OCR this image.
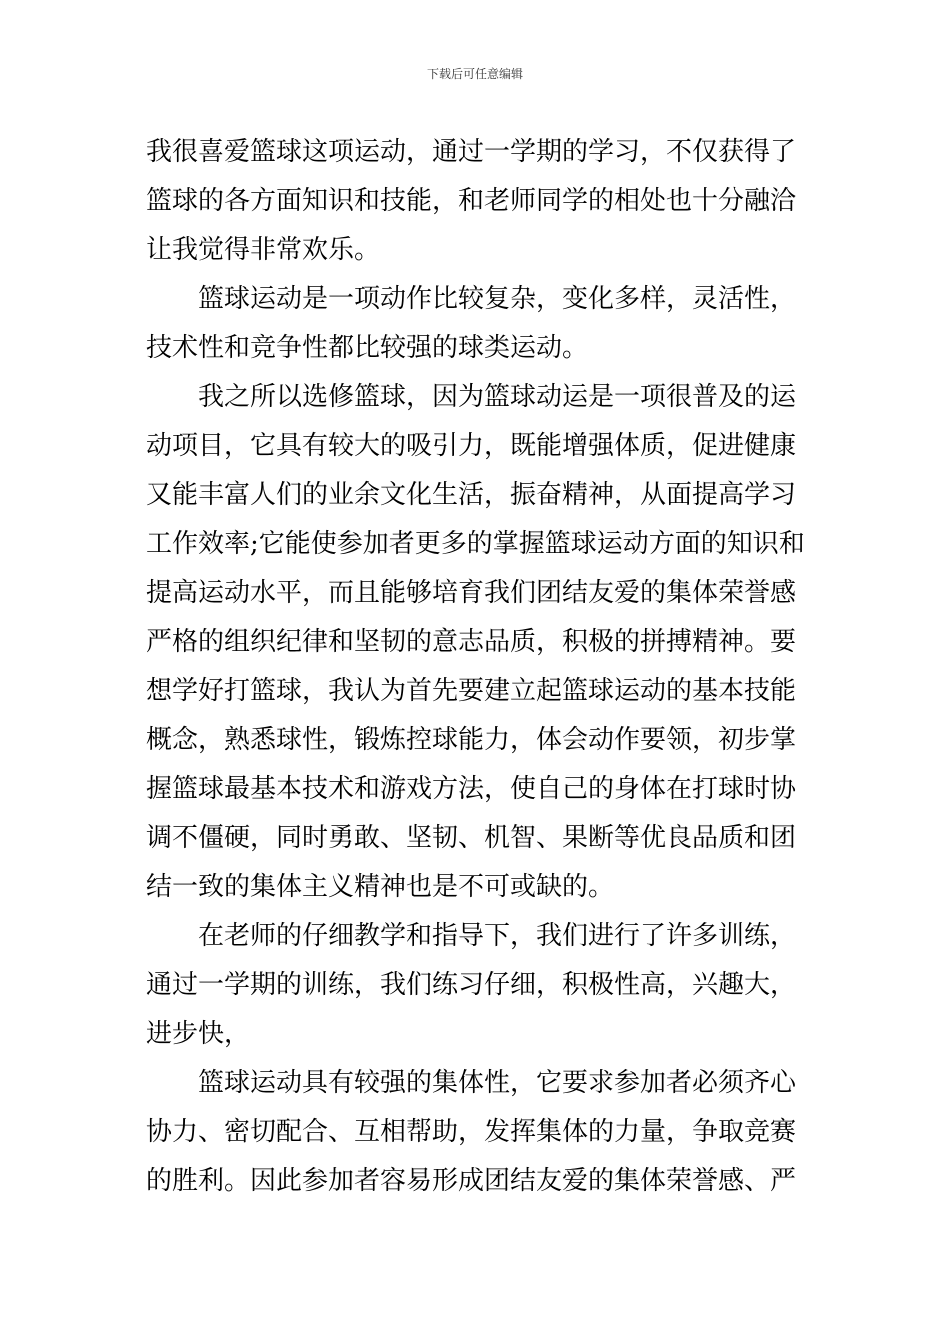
下载后可任意编辑
我很喜爱篮球这项运动，通过一学期的学习，不仅获得了
篮球的各方面知识和技能，和老师同学的相处也十分融洽
让我觉得非常欢乐。
篮球运动是一项动作比较复杂，变化多样，灵活性，
技术性和竞争性都比较强的球类运动。
我之所以选修篮球，因为篮球动运是一项很普及的运
动项目，它具有较大的吸引力，既能增强体质，促进健康
又能丰富人们的业余文化生活，振奋精神，从面提高学习
工作效率;它能使参加者更多的掌握篮球运动方面的知识和
提高运动水平，而且能够培育我们团结友爱的集体荣誉感
严格的组织纪律和坚韧的意志品质，积极的拼搏精神。要
想学好打篮球，我认为首先要建立起篮球运动的基本技能
概念，熟悉球性，锻炼控球能力，体会动作要领，初步掌
握篮球最基本技术和游戏方法，使自己的身体在打球时协
调不僵硬，同时勇敢、坚韧、机智、果断等优良品质和团
结一致的集体主义精神也是不可或缺的。
在老师的仔细教学和指导下，我们进行了许多训练，
通过一学期的训练，我们练习仔细，积极性高，兴趣大，
进步快，
篮球运动具有较强的集体性，它要求参加者必须齐心
协力、密切配合、互相帮助，发挥集体的力量，争取竞赛
的胜利。因此参加者容易形成团结友爱的集体荣誉感、严
